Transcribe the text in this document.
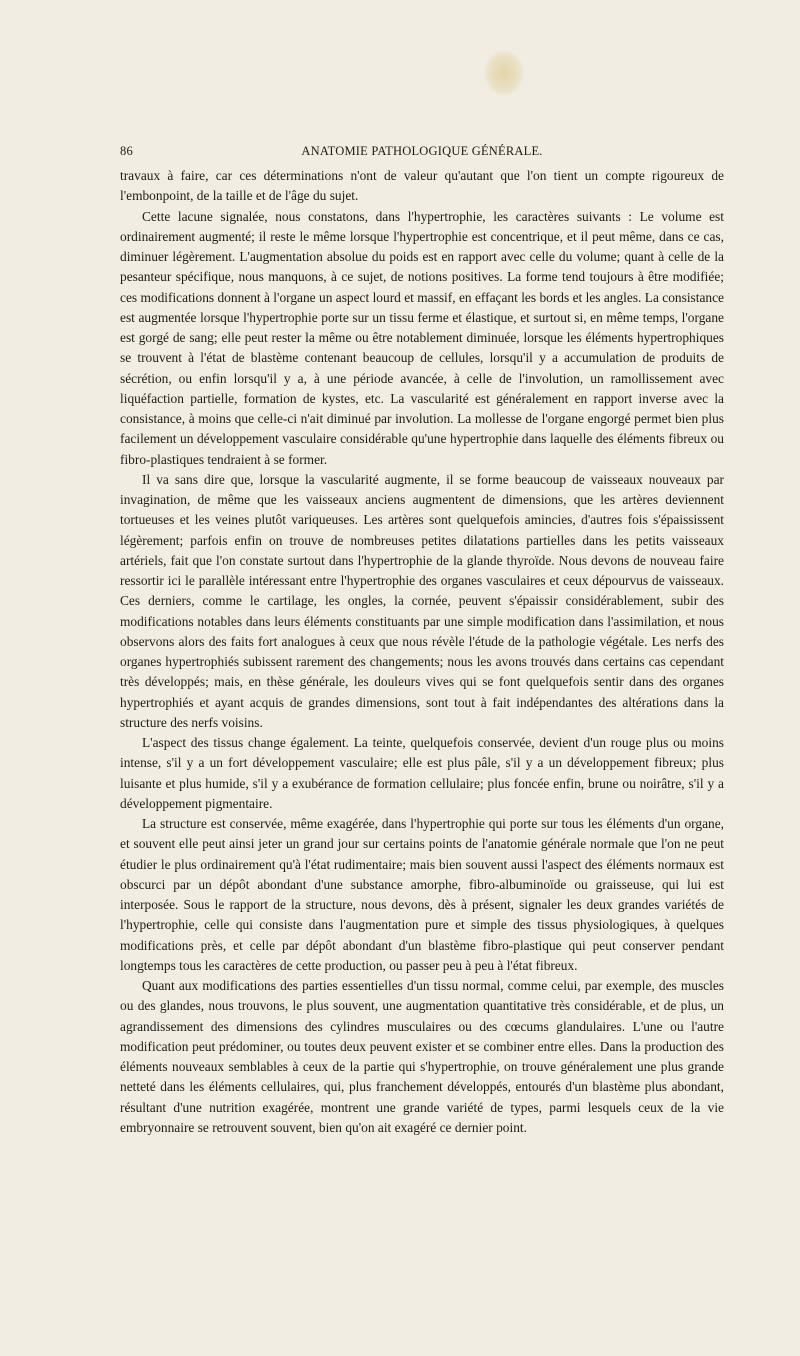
86	ANATOMIE PATHOLOGIQUE GÉNÉRALE.

travaux à faire, car ces déterminations n'ont de valeur qu'autant que l'on tient un compte rigoureux de l'embonpoint, de la taille et de l'âge du sujet.

Cette lacune signalée, nous constatons, dans l'hypertrophie, les caractères suivants : Le volume est ordinairement augmenté; il reste le même lorsque l'hypertrophie est concentrique, et il peut même, dans ce cas, diminuer légèrement. L'augmentation absolue du poids est en rapport avec celle du volume; quant à celle de la pesanteur spécifique, nous manquons, à ce sujet, de notions positives. La forme tend toujours à être modifiée; ces modifications donnent à l'organe un aspect lourd et massif, en effaçant les bords et les angles. La consistance est augmentée lorsque l'hypertrophie porte sur un tissu ferme et élastique, et surtout si, en même temps, l'organe est gorgé de sang; elle peut rester la même ou être notablement diminuée, lorsque les éléments hypertrophiques se trouvent à l'état de blastème contenant beaucoup de cellules, lorsqu'il y a accumulation de produits de sécrétion, ou enfin lorsqu'il y a, à une période avancée, à celle de l'involution, un ramollissement avec liquéfaction partielle, formation de kystes, etc. La vascularité est généralement en rapport inverse avec la consistance, à moins que celle-ci n'ait diminué par involution. La mollesse de l'organe engorgé permet bien plus facilement un développement vasculaire considérable qu'une hypertrophie dans laquelle des éléments fibreux ou fibro-plastiques tendraient à se former.

Il va sans dire que, lorsque la vascularité augmente, il se forme beaucoup de vaisseaux nouveaux par invagination, de même que les vaisseaux anciens augmentent de dimensions, que les artères deviennent tortueuses et les veines plutôt variqueuses. Les artères sont quelquefois amincies, d'autres fois s'épaississent légèrement; parfois enfin on trouve de nombreuses petites dilatations partielles dans les petits vaisseaux artériels, fait que l'on constate surtout dans l'hypertrophie de la glande thyroïde. Nous devons de nouveau faire ressortir ici le parallèle intéressant entre l'hypertrophie des organes vasculaires et ceux dépourvus de vaisseaux. Ces derniers, comme le cartilage, les ongles, la cornée, peuvent s'épaissir considérablement, subir des modifications notables dans leurs éléments constituants par une simple modification dans l'assimilation, et nous observons alors des faits fort analogues à ceux que nous révèle l'étude de la pathologie végétale. Les nerfs des organes hypertrophiés subissent rarement des changements; nous les avons trouvés dans certains cas cependant très développés; mais, en thèse générale, les douleurs vives qui se font quelquefois sentir dans des organes hypertrophiés et ayant acquis de grandes dimensions, sont tout à fait indépendantes des altérations dans la structure des nerfs voisins.

L'aspect des tissus change également. La teinte, quelquefois conservée, devient d'un rouge plus ou moins intense, s'il y a un fort développement vasculaire; elle est plus pâle, s'il y a un développement fibreux; plus luisante et plus humide, s'il y a exubérance de formation cellulaire; plus foncée enfin, brune ou noirâtre, s'il y a développement pigmentaire.

La structure est conservée, même exagérée, dans l'hypertrophie qui porte sur tous les éléments d'un organe, et souvent elle peut ainsi jeter un grand jour sur certains points de l'anatomie générale normale que l'on ne peut étudier le plus ordinairement qu'à l'état rudimentaire; mais bien souvent aussi l'aspect des éléments normaux est obscurci par un dépôt abondant d'une substance amorphe, fibro-albuminoïde ou graisseuse, qui lui est interposée. Sous le rapport de la structure, nous devons, dès à présent, signaler les deux grandes variétés de l'hypertrophie, celle qui consiste dans l'augmentation pure et simple des tissus physiologiques, à quelques modifications près, et celle par dépôt abondant d'un blastème fibro-plastique qui peut conserver pendant longtemps tous les caractères de cette production, ou passer peu à peu à l'état fibreux.

Quant aux modifications des parties essentielles d'un tissu normal, comme celui, par exemple, des muscles ou des glandes, nous trouvons, le plus souvent, une augmentation quantitative très considérable, et de plus, un agrandissement des dimensions des cylindres musculaires ou des cœcums glandulaires. L'une ou l'autre modification peut prédominer, ou toutes deux peuvent exister et se combiner entre elles. Dans la production des éléments nouveaux semblables à ceux de la partie qui s'hypertrophie, on trouve généralement une plus grande netteté dans les éléments cellulaires, qui, plus franchement développés, entourés d'un blastème plus abondant, résultant d'une nutrition exagérée, montrent une grande variété de types, parmi lesquels ceux de la vie embryonnaire se retrouvent souvent, bien qu'on ait exagéré ce dernier point.
